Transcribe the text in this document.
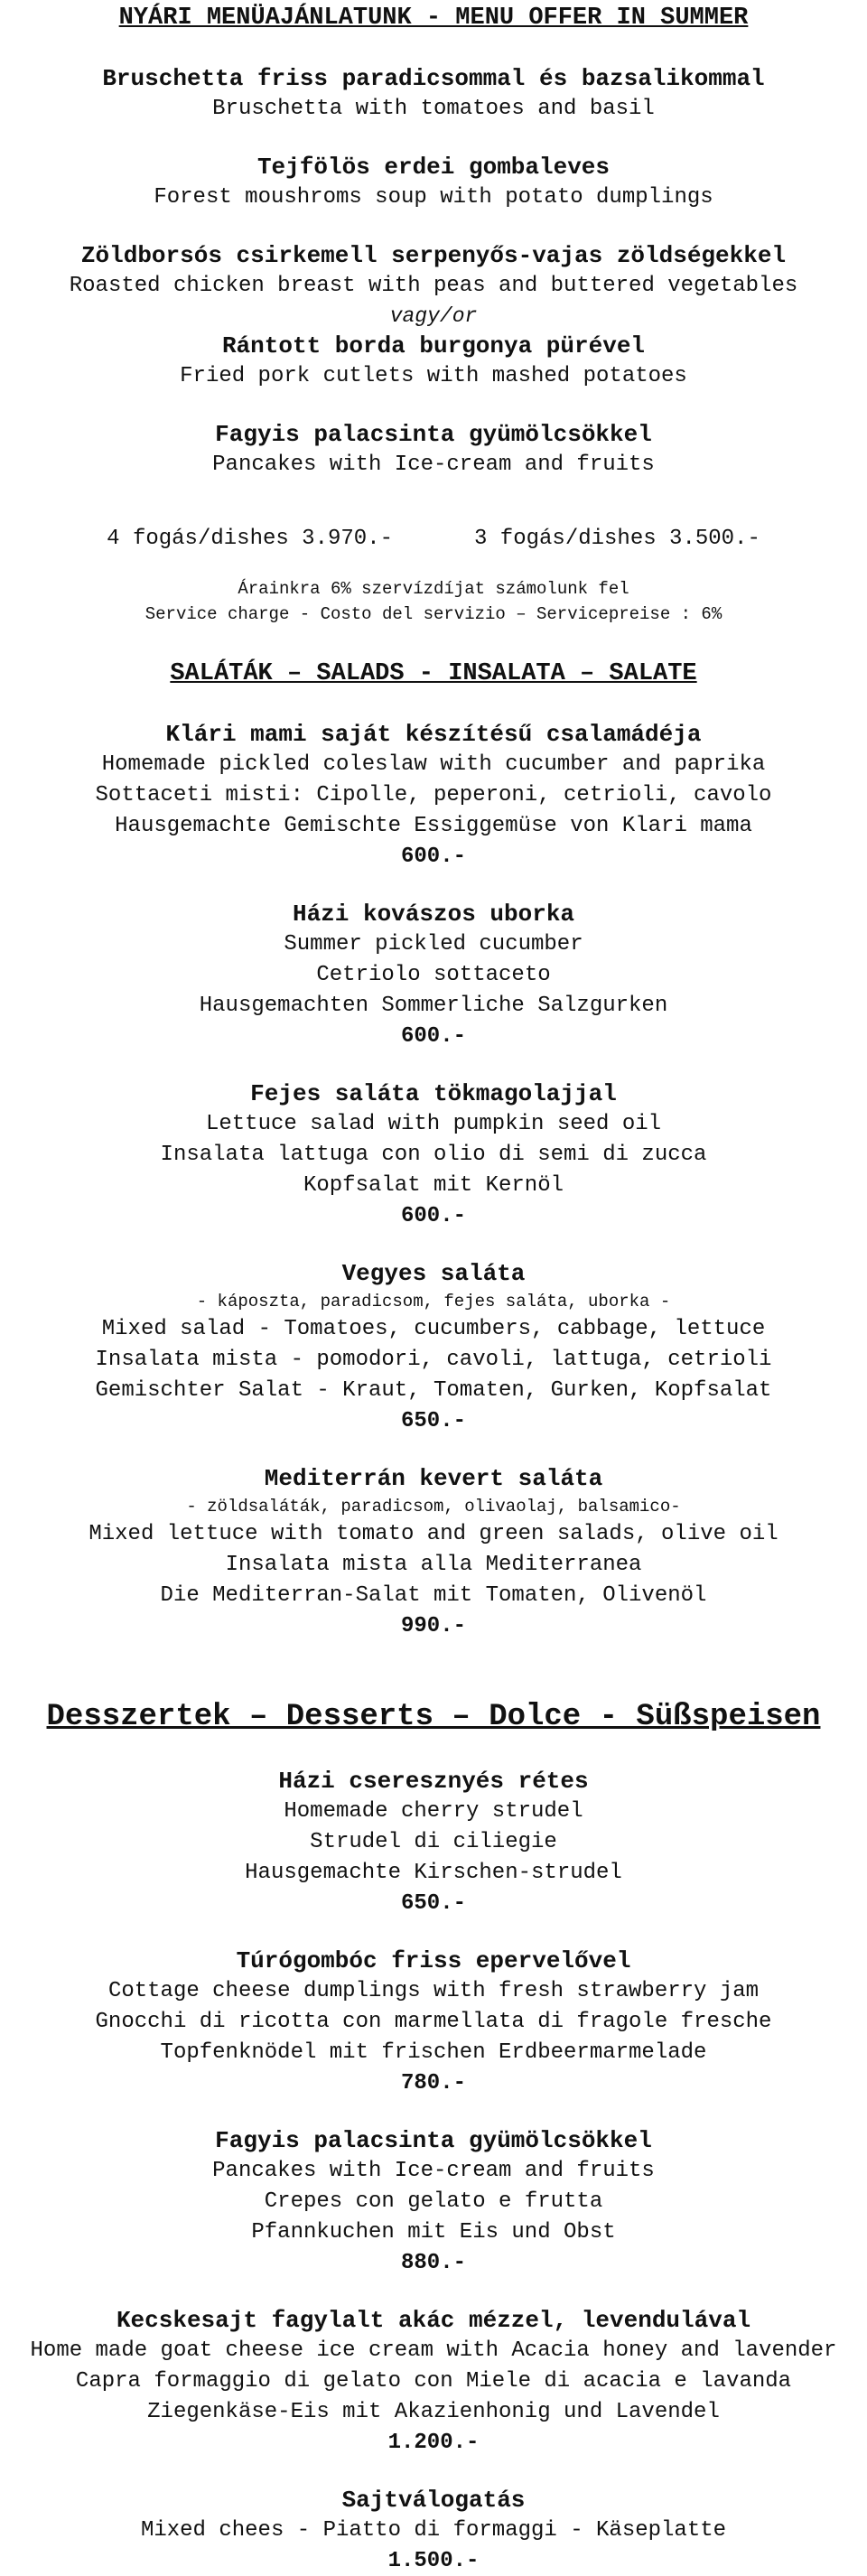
NYÁRI MENÜAJÁNLATUNK - MENU OFFER IN SUMMER
Bruschetta friss paradicsommal és bazsalikommal
Bruschetta with tomatoes and basil
Tejfölös erdei gombaleves
Forest moushroms soup with potato dumplings
Zöldborsós csirkemell serpenyős-vajas zöldségekkel
Roasted chicken breast with peas and buttered vegetables
vagy/or
Rántott borda burgonya pürével
Fried pork cutlets with mashed potatoes
Fagyis palacsinta gyümölcsökkel
Pancakes with Ice-cream and fruits
4 fogás/dishes 3.970.-	3 fogás/dishes 3.500.-
Árainkra 6% szervízdíjat számolunk fel
Service charge - Costo del servizio – Servicepreise : 6%
SALÁTÁK – SALADS - INSALATA – SALATE
Klári mami saját készítésű csalamádéja
Homemade pickled coleslaw with cucumber and paprika
Sottaceti misti: Cipolle, peperoni, cetrioli, cavolo
Hausgemachte Gemischte Essiggemüse von Klari mama
600.-
Házi kovászos uborka
Summer pickled cucumber
Cetriolo sottaceto
Hausgemachten Sommerliche Salzgurken
600.-
Fejes saláta tökmagolajjal
Lettuce salad with pumpkin seed oil
Insalata lattuga con olio di semi di zucca
Kopfsalat mit Kernöl
600.-
Vegyes saláta
- káposzta, paradicsom, fejes saláta, uborka -
Mixed salad - Tomatoes, cucumbers, cabbage, lettuce
Insalata mista - pomodori, cavoli, lattuga, cetrioli
Gemischter Salat - Kraut, Tomaten, Gurken, Kopfsalat
650.-
Mediterrán kevert saláta
- zöldsaláták, paradicsom, olivaolaj, balsamico-
Mixed lettuce with tomato and green salads, olive oil
Insalata mista alla Mediterranea
Die Mediterran-Salat mit Tomaten, Olivenöl
990.-
Desszertek – Desserts – Dolce - Süßspeisen
Házi cseresznyés rétes
Homemade cherry strudel
Strudel di ciliegie
Hausgemachte Kirschen-strudel
650.-
Túrógombóc friss epervelővel
Cottage cheese dumplings with fresh strawberry jam
Gnocchi di ricotta con marmellata di fragole fresche
Topfenknödel mit frischen Erdbeermarmelade
780.-
Fagyis palacsinta gyümölcsökkel
Pancakes with Ice-cream and fruits
Crepes con gelato e frutta
Pfannkuchen mit Eis und Obst
880.-
Kecskesajt fagylalt akác mézzel, levendulával
Home made goat cheese ice cream with Acacia honey and lavender
Capra formaggio di gelato con Miele di acacia e lavanda
Ziegenkäse-Eis mit Akazienhonig und Lavendel
1.200.-
Sajtválogatás
Mixed chees - Piatto di formaggi - Käseplatte
1.500.-
